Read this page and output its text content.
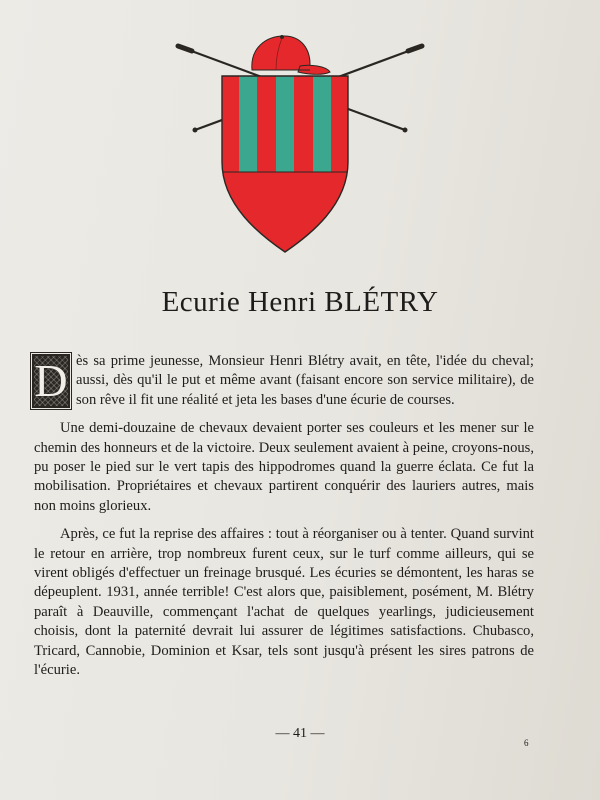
Ecurie Henri BLÉTRY

D ès sa prime jeunesse, Monsieur Henri Blétry avait, en tête, l'idée du cheval; aussi, dès qu'il le put et même avant (faisant encore son service militaire), de son rêve il fit une réalité et jeta les bases d'une écurie de courses.

Une demi-douzaine de chevaux devaient porter ses couleurs et les mener sur le chemin des honneurs et de la victoire. Deux seulement avaient à peine, croyons-nous, pu poser le pied sur le vert tapis des hippodromes quand la guerre éclata. Ce fut la mobilisation. Propriétaires et chevaux partirent conquérir des lauriers autres, mais non moins glorieux.

Après, ce fut la reprise des affaires : tout à réorganiser ou à tenter. Quand survint le retour en arrière, trop nombreux furent ceux, sur le turf comme ailleurs, qui se virent obligés d'effectuer un freinage brusqué. Les écuries se démontent, les haras se dépeuplent. 1931, année terrible! C'est alors que, paisiblement, posément, M. Blétry paraît à Deauville, commençant l'achat de quelques yearlings, judicieusement choisis, dont la paternité devrait lui assurer de légitimes satisfactions. Chubasco, Tricard, Cannobie, Dominion et Ksar, tels sont jusqu'à présent les sires patrons de l'écurie.

— 41 —
6
